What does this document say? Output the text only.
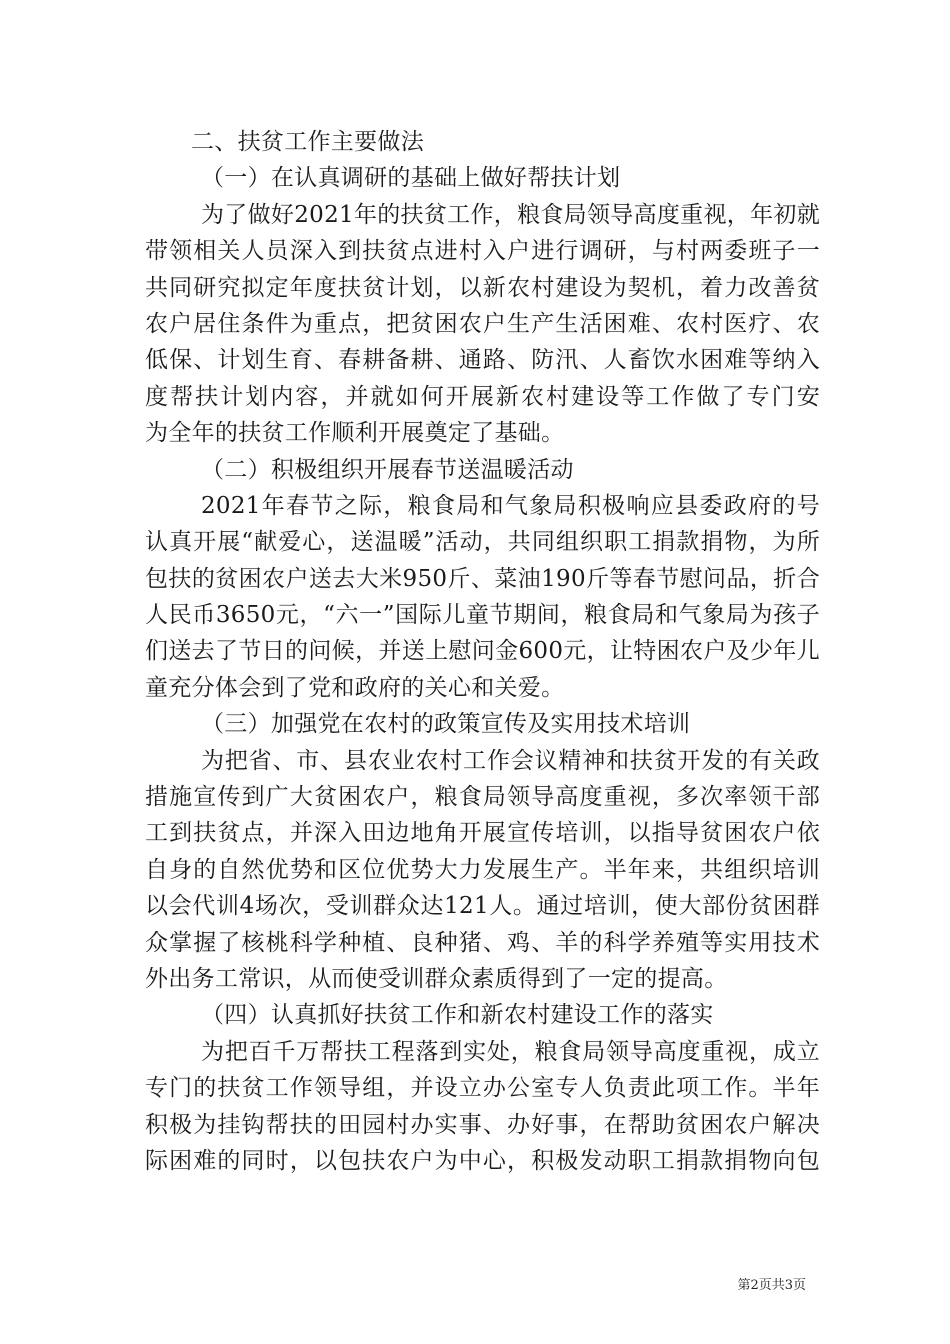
二、扶贫工作主要做法
（一）在认真调研的基础上做好帮扶计划
为了做好2021年的扶贫工作，粮食局领导高度重视，年初就
带领相关人员深入到扶贫点进村入户进行调研，与村两委班子一
共同研究拟定年度扶贫计划，以新农村建设为契机，着力改善贫
农户居住条件为重点，把贫困农户生产生活困难、农村医疗、农
低保、计划生育、春耕备耕、通路、防汛、人畜饮水困难等纳入
度帮扶计划内容，并就如何开展新农村建设等工作做了专门安
为全年的扶贫工作顺利开展奠定了基础。
（二）积极组织开展春节送温暖活动
2021年春节之际，粮食局和气象局积极响应县委政府的号
认真开展“献爱心，送温暖”活动，共同组织职工捐款捐物，为所
包扶的贫困农户送去大米950斤、菜油190斤等春节慰问品，折合
人民币3650元，“六一”国际儿童节期间，粮食局和气象局为孩子
们送去了节日的问候，并送上慰问金600元，让特困农户及少年儿
童充分体会到了党和政府的关心和关爱。
（三）加强党在农村的政策宣传及实用技术培训
为把省、市、县农业农村工作会议精神和扶贫开发的有关政
措施宣传到广大贫困农户，粮食局领导高度重视，多次率领干部
工到扶贫点，并深入田边地角开展宣传培训，以指导贫困农户依
自身的自然优势和区位优势大力发展生产。半年来，共组织培训
以会代训4场次，受训群众达121人。通过培训，使大部份贫困群
众掌握了核桃科学种植、良种猪、鸡、羊的科学养殖等实用技术
外出务工常识，从而使受训群众素质得到了一定的提高。
（四）认真抓好扶贫工作和新农村建设工作的落实
为把百千万帮扶工程落到实处，粮食局领导高度重视，成立
专门的扶贫工作领导组，并设立办公室专人负责此项工作。半年
积极为挂钩帮扶的田园村办实事、办好事，在帮助贫困农户解决
际困难的同时，以包扶农户为中心，积极发动职工捐款捐物向包
第2页共3页
